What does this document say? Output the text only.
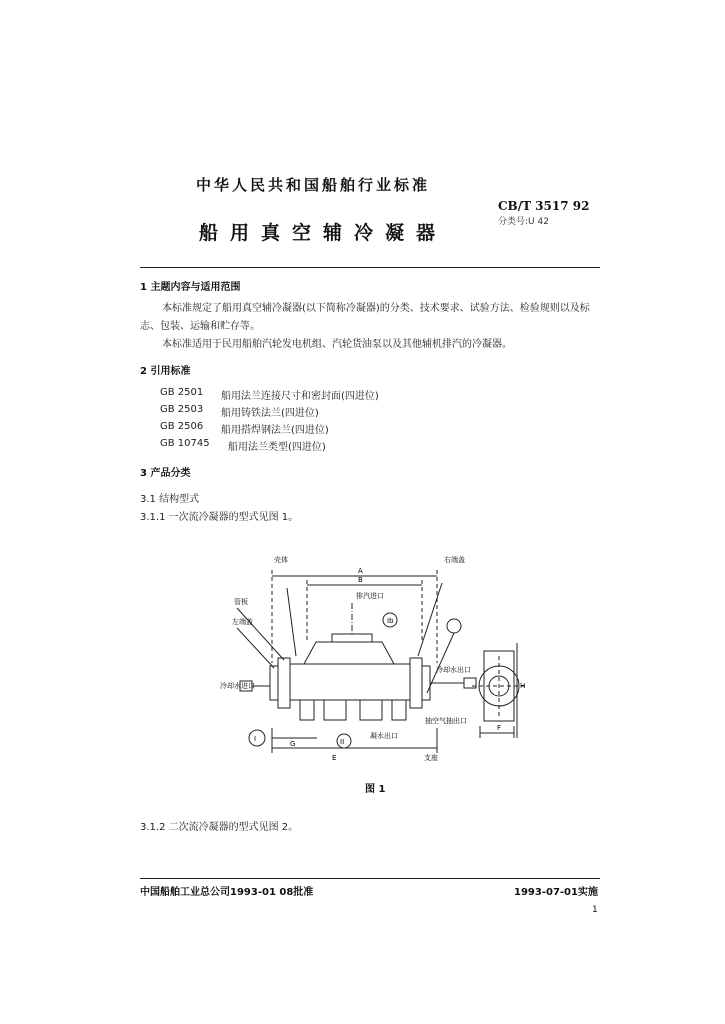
中华人民共和国船舶行业标准
船用真空辅冷凝器
CB/T 3517 92
分类号:U 42
1 主题内容与适用范围
本标准规定了船用真空辅冷凝器(以下简称冷凝器)的分类、技术要求、试验方法、检验规则以及标
志、包装、运输和贮存等。
本标准适用于民用船舶汽轮发电机组、汽轮货油泵以及其他辅机排汽的冷凝器。
2 引用标准
GB 2501 船用法兰连接尺寸和密封面(四进位)
GB 2503 船用铸铁法兰(四进位)
GB 2506 船用搭焊钢法兰(四进位)
GB 10745 船用法兰类型(四进位)
3 产品分类
3.1 结构型式
3.1.1 一次流冷凝器的型式见图 1。
壳体	右端盖
管板
左端盖
冷却水进口
冷却水出口
排汽进口
抽空气抽出口
凝水出口
支座
A
B
E
F
G
H
I	II
Ib
图 1
3.1.2 二次流冷凝器的型式见图 2。
中国船舶工业总公司1993-01 08批准	1993-07-01实施
1
